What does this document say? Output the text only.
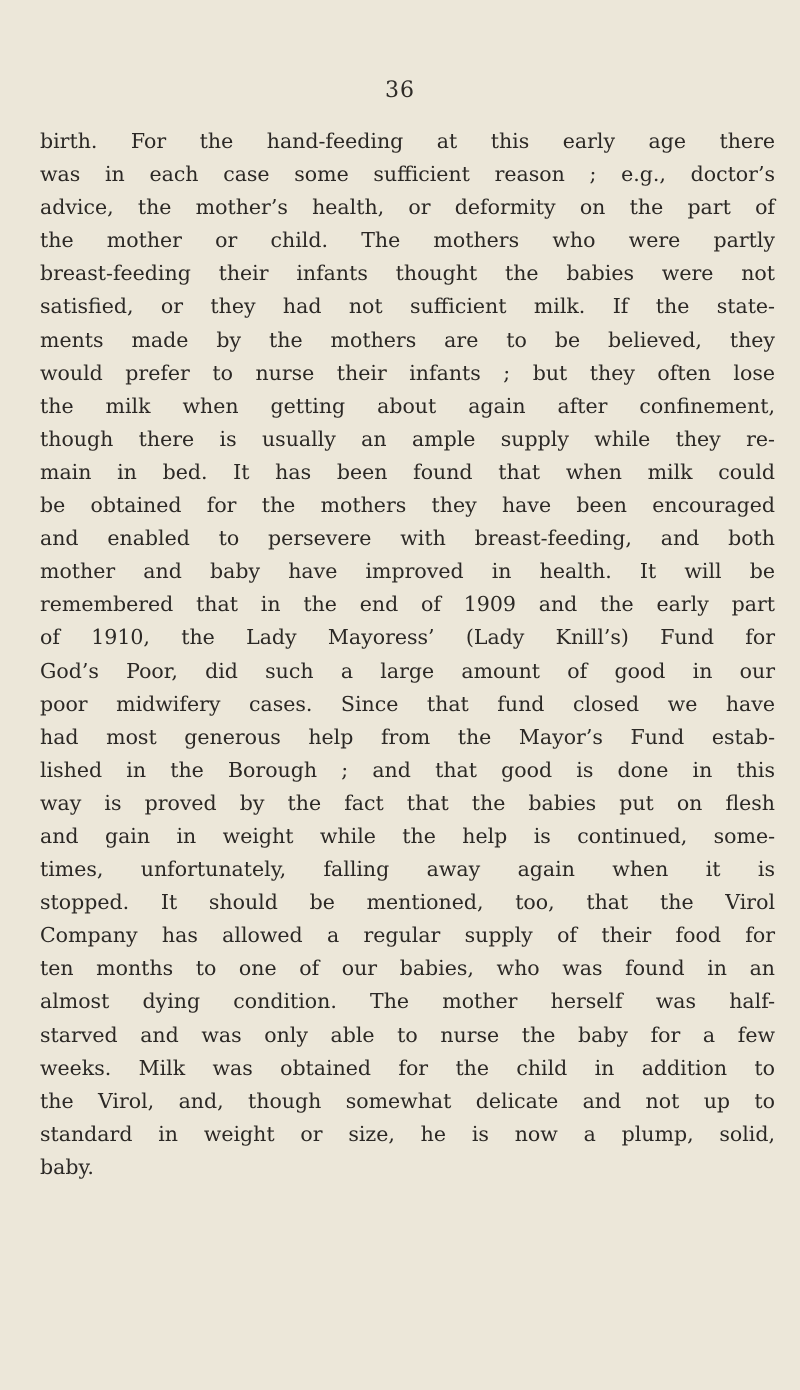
36
birth. For the hand-feeding at this early age there
was in each case some sufficient reason ; e.g., doctor’s
advice, the mother’s health, or deformity on the part of
the mother or child. The mothers who were partly
breast-feeding their infants thought the babies were not
satisfied, or they had not sufficient milk. If the state-
ments made by the mothers are to be believed, they
would prefer to nurse their infants ; but they often lose
the milk when getting about again after confinement,
though there is usually an ample supply while they re-
main in bed. It has been found that when milk could
be obtained for the mothers they have been encouraged
and enabled to persevere with breast-feeding, and both
mother and baby have improved in health. It will be
remembered that in the end of 1909 and the early part
of 1910, the Lady Mayoress’ (Lady Knill’s) Fund for
God’s Poor, did such a large amount of good in our
poor midwifery cases. Since that fund closed we have
had most generous help from the Mayor’s Fund estab-
lished in the Borough ; and that good is done in this
way is proved by the fact that the babies put on flesh
and gain in weight while the help is continued, some-
times, unfortunately, falling away again when it is
stopped. It should be mentioned, too, that the Virol
Company has allowed a regular supply of their food for
ten months to one of our babies, who was found in an
almost dying condition. The mother herself was half-
starved and was only able to nurse the baby for a few
weeks. Milk was obtained for the child in addition to
the Virol, and, though somewhat delicate and not up to
standard in weight or size, he is now a plump, solid,
baby.
